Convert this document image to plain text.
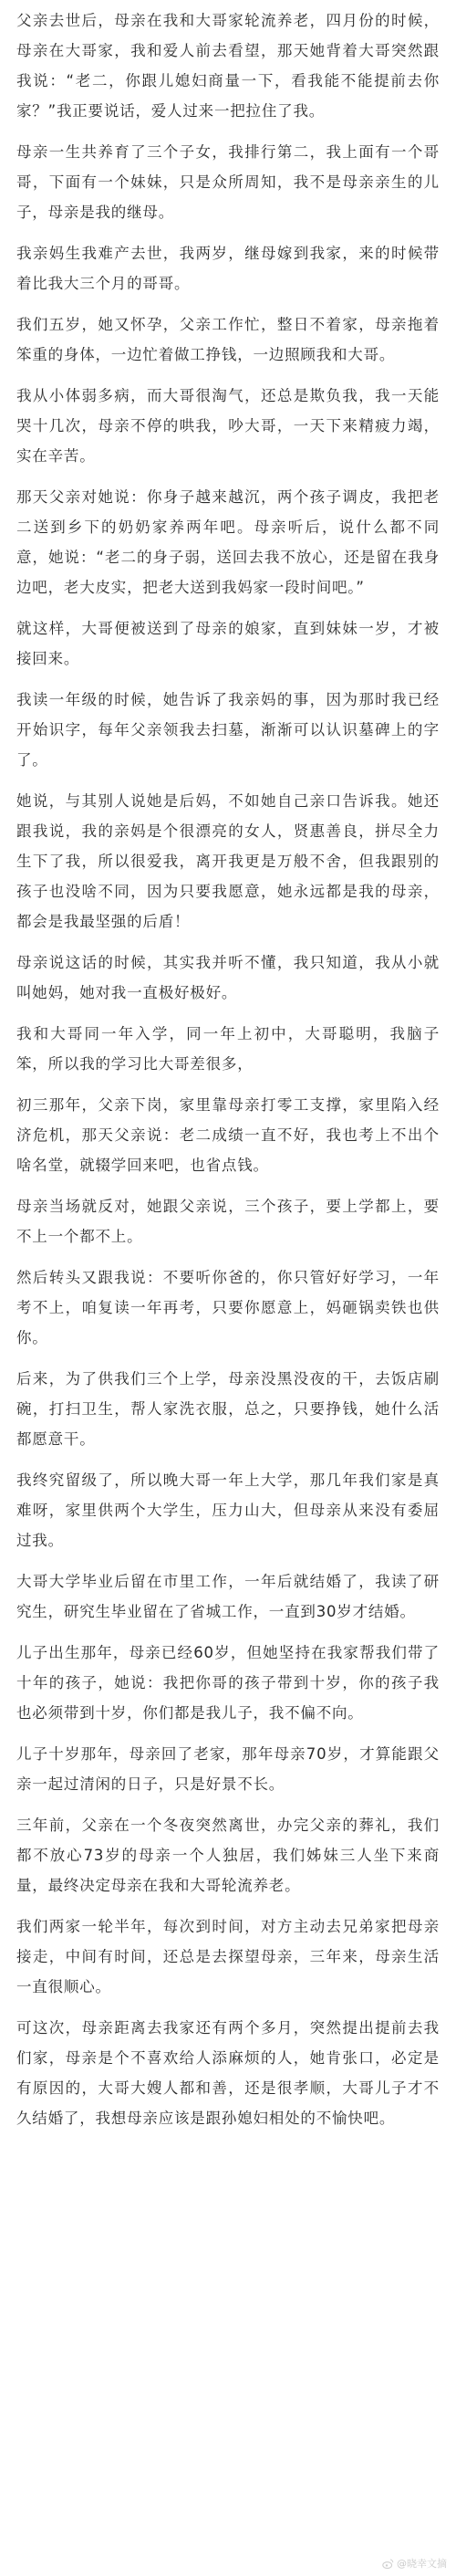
父亲去世后，母亲在我和大哥家轮流养老，四月份的时候，母亲在大哥家，我和爱人前去看望，那天她背着大哥突然跟我说：“老二，你跟儿媳妇商量一下，看我能不能提前去你家？”我正要说话，爱人过来一把拉住了我。

母亲一生共养育了三个子女，我排行第二，我上面有一个哥哥，下面有一个妹妹，只是众所周知，我不是母亲亲生的儿子，母亲是我的继母。

我亲妈生我难产去世，我两岁，继母嫁到我家，来的时候带着比我大三个月的哥哥。

我们五岁，她又怀孕，父亲工作忙，整日不着家，母亲拖着笨重的身体，一边忙着做工挣钱，一边照顾我和大哥。

我从小体弱多病，而大哥很淘气，还总是欺负我，我一天能哭十几次，母亲不停的哄我，吵大哥，一天下来精疲力竭，实在辛苦。

那天父亲对她说：你身子越来越沉，两个孩子调皮，我把老二送到乡下的奶奶家养两年吧。母亲听后，说什么都不同意，她说：“老二的身子弱，送回去我不放心，还是留在我身边吧，老大皮实，把老大送到我妈家一段时间吧。”

就这样，大哥便被送到了母亲的娘家，直到妹妹一岁，才被接回来。

我读一年级的时候，她告诉了我亲妈的事，因为那时我已经开始识字，每年父亲领我去扫墓，渐渐可以认识墓碑上的字了。

她说，与其别人说她是后妈，不如她自己亲口告诉我。她还跟我说，我的亲妈是个很漂亮的女人，贤惠善良，拼尽全力生下了我，所以很爱我，离开我更是万般不舍，但我跟别的孩子也没啥不同，因为只要我愿意，她永远都是我的母亲，都会是我最坚强的后盾！

母亲说这话的时候，其实我并听不懂，我只知道，我从小就叫她妈，她对我一直极好极好。

我和大哥同一年入学，同一年上初中，大哥聪明，我脑子笨，所以我的学习比大哥差很多，

初三那年，父亲下岗，家里靠母亲打零工支撑，家里陷入经济危机，那天父亲说：老二成绩一直不好，我也考上不出个啥名堂，就辍学回来吧，也省点钱。

母亲当场就反对，她跟父亲说，三个孩子，要上学都上，要不上一个都不上。

然后转头又跟我说：不要听你爸的，你只管好好学习，一年考不上，咱复读一年再考，只要你愿意上，妈砸锅卖铁也供你。

后来，为了供我们三个上学，母亲没黑没夜的干，去饭店刷碗，打扫卫生，帮人家洗衣服，总之，只要挣钱，她什么活都愿意干。

我终究留级了，所以晚大哥一年上大学，那几年我们家是真难呀，家里供两个大学生，压力山大，但母亲从来没有委屈过我。

大哥大学毕业后留在市里工作，一年后就结婚了，我读了研究生，研究生毕业留在了省城工作，一直到30岁才结婚。

儿子出生那年，母亲已经60岁，但她坚持在我家帮我们带了十年的孩子，她说：我把你哥的孩子带到十岁，你的孩子我也必须带到十岁，你们都是我儿子，我不偏不向。

儿子十岁那年，母亲回了老家，那年母亲70岁，才算能跟父亲一起过清闲的日子，只是好景不长。

三年前，父亲在一个冬夜突然离世，办完父亲的葬礼，我们都不放心73岁的母亲一个人独居，我们姊妹三人坐下来商量，最终决定母亲在我和大哥轮流养老。

我们两家一轮半年，每次到时间，对方主动去兄弟家把母亲接走，中间有时间，还总是去探望母亲，三年来，母亲生活一直很顺心。

可这次，母亲距离去我家还有两个多月，突然提出提前去我们家，母亲是个不喜欢给人添麻烦的人，她肯张口，必定是有原因的，大哥大嫂人都和善，还是很孝顺，大哥儿子才不久结婚了，我想母亲应该是跟孙媳妇相处的不愉快吧。

@晓幸文摘
